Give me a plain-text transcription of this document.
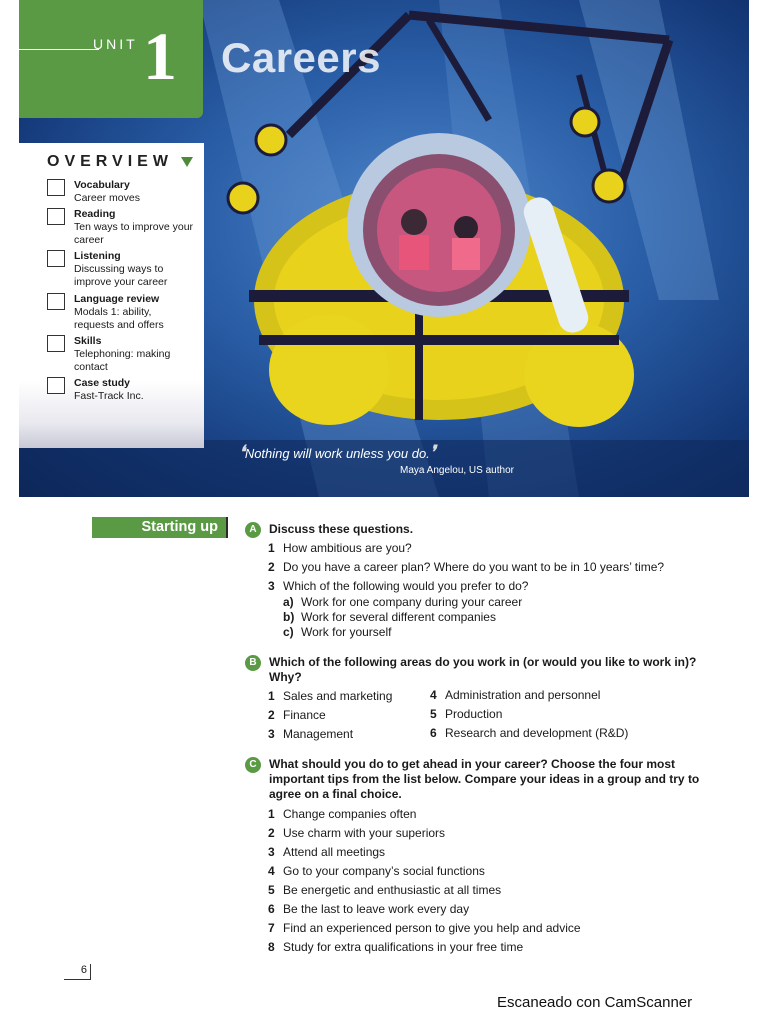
UNIT 1 Careers
OVERVIEW
Vocabulary
Career moves
Reading
Ten ways to improve your career
Listening
Discussing ways to improve your career
Language review
Modals 1: ability, requests and offers
Skills
Telephoning: making contact
Case study
Fast-Track Inc.
❛Nothing will work unless you do.❜
Maya Angelou, US author
Starting up	A	Discuss these questions.
1 How ambitious are you?
2 Do you have a career plan? Where do you want to be in 10 years’ time?
3 Which of the following would you prefer to do?
a) Work for one company during your career
b) Work for several different companies
c) Work for yourself
B	Which of the following areas do you work in (or would you like to work in)? Why?
1 Sales and marketing
2 Finance
3 Management
4 Administration and personnel
5 Production
6 Research and development (R&D)
C	What should you do to get ahead in your career? Choose the four most important tips from the list below. Compare your ideas in a group and try to agree on a final choice.
1 Change companies often
2 Use charm with your superiors
3 Attend all meetings
4 Go to your company’s social functions
5 Be energetic and enthusiastic at all times
6 Be the last to leave work every day
7 Find an experienced person to give you help and advice
8 Study for extra qualifications in your free time
6
Escaneado con CamScanner
